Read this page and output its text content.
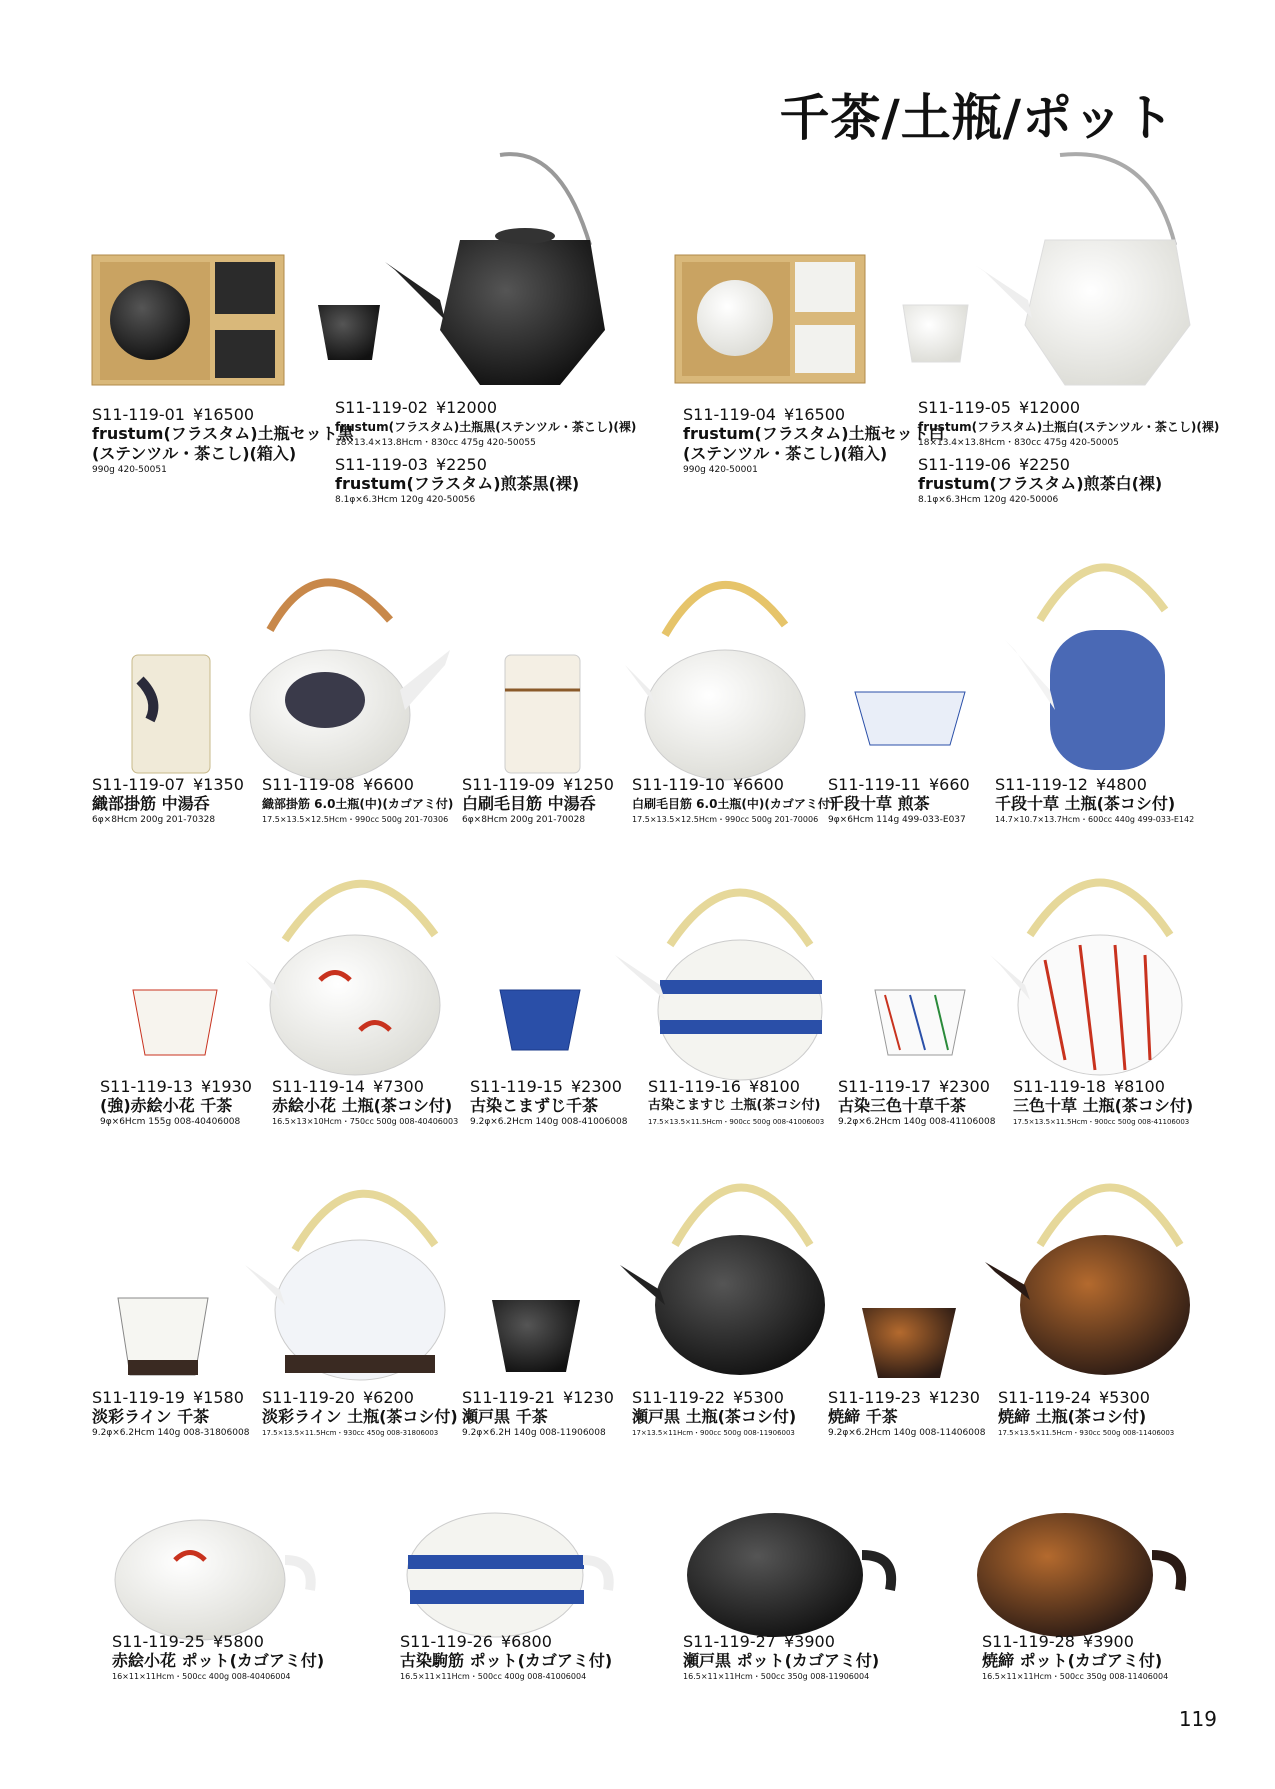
千茶/土瓶/ポット
S11-119-01 ¥16500
frustum(フラスタム)土瓶セット黒
(ステンツル・茶こし)(箱入)
990g 420-50051
S11-119-02 ¥12000
frustum(フラスタム)土瓶黒(ステンツル・茶こし)(裸)
18×13.4×13.8Hcm・830cc 475g 420-50055
S11-119-03 ¥2250
frustum(フラスタム)煎茶黒(裸)
8.1φ×6.3Hcm 120g 420-50056
S11-119-04 ¥16500
frustum(フラスタム)土瓶セット白
(ステンツル・茶こし)(箱入)
990g 420-50001
S11-119-05 ¥12000
frustum(フラスタム)土瓶白(ステンツル・茶こし)(裸)
18×13.4×13.8Hcm・830cc 475g 420-50005
S11-119-06 ¥2250
frustum(フラスタム)煎茶白(裸)
8.1φ×6.3Hcm 120g 420-50006
S11-119-07 ¥1350
織部掛筋 中湯呑
6φ×8Hcm 200g 201-70328
S11-119-08 ¥6600
織部掛筋 6.0土瓶(中)(カゴアミ付)
17.5×13.5×12.5Hcm・990cc 500g 201-70306
S11-119-09 ¥1250
白刷毛目筋 中湯呑
6φ×8Hcm 200g 201-70028
S11-119-10 ¥6600
白刷毛目筋 6.0土瓶(中)(カゴアミ付)
17.5×13.5×12.5Hcm・990cc 500g 201-70006
S11-119-11 ¥660
千段十草 煎茶
9φ×6Hcm 114g 499-033-E037
S11-119-12 ¥4800
千段十草 土瓶(茶コシ付)
14.7×10.7×13.7Hcm・600cc 440g 499-033-E142
S11-119-13 ¥1930
(強)赤絵小花 千茶
9φ×6Hcm 155g 008-40406008
S11-119-14 ¥7300
赤絵小花 土瓶(茶コシ付)
16.5×13×10Hcm・750cc 500g 008-40406003
S11-119-15 ¥2300
古染こまずじ千茶
9.2φ×6.2Hcm 140g 008-41006008
S11-119-16 ¥8100
古染こますじ 土瓶(茶コシ付)
17.5×13.5×11.5Hcm・900cc 500g 008-41006003
S11-119-17 ¥2300
古染三色十草千茶
9.2φ×6.2Hcm 140g 008-41106008
S11-119-18 ¥8100
三色十草 土瓶(茶コシ付)
17.5×13.5×11.5Hcm・900cc 500g 008-41106003
S11-119-19 ¥1580
淡彩ライン 千茶
9.2φ×6.2Hcm 140g 008-31806008
S11-119-20 ¥6200
淡彩ライン 土瓶(茶コシ付)
17.5×13.5×11.5Hcm・930cc 450g 008-31806003
S11-119-21 ¥1230
瀬戸黒 千茶
9.2φ×6.2H 140g 008-11906008
S11-119-22 ¥5300
瀬戸黒 土瓶(茶コシ付)
17×13.5×11Hcm・900cc 500g 008-11906003
S11-119-23 ¥1230
焼締 千茶
9.2φ×6.2Hcm 140g 008-11406008
S11-119-24 ¥5300
焼締 土瓶(茶コシ付)
17.5×13.5×11.5Hcm・930cc 500g 008-11406003
S11-119-25 ¥5800
赤絵小花 ポット(カゴアミ付)
16×11×11Hcm・500cc 400g 008-40406004
S11-119-26 ¥6800
古染駒筋 ポット(カゴアミ付)
16.5×11×11Hcm・500cc 400g 008-41006004
S11-119-27 ¥3900
瀬戸黒 ポット(カゴアミ付)
16.5×11×11Hcm・500cc 350g 008-11906004
S11-119-28 ¥3900
焼締 ポット(カゴアミ付)
16.5×11×11Hcm・500cc 350g 008-11406004
119
